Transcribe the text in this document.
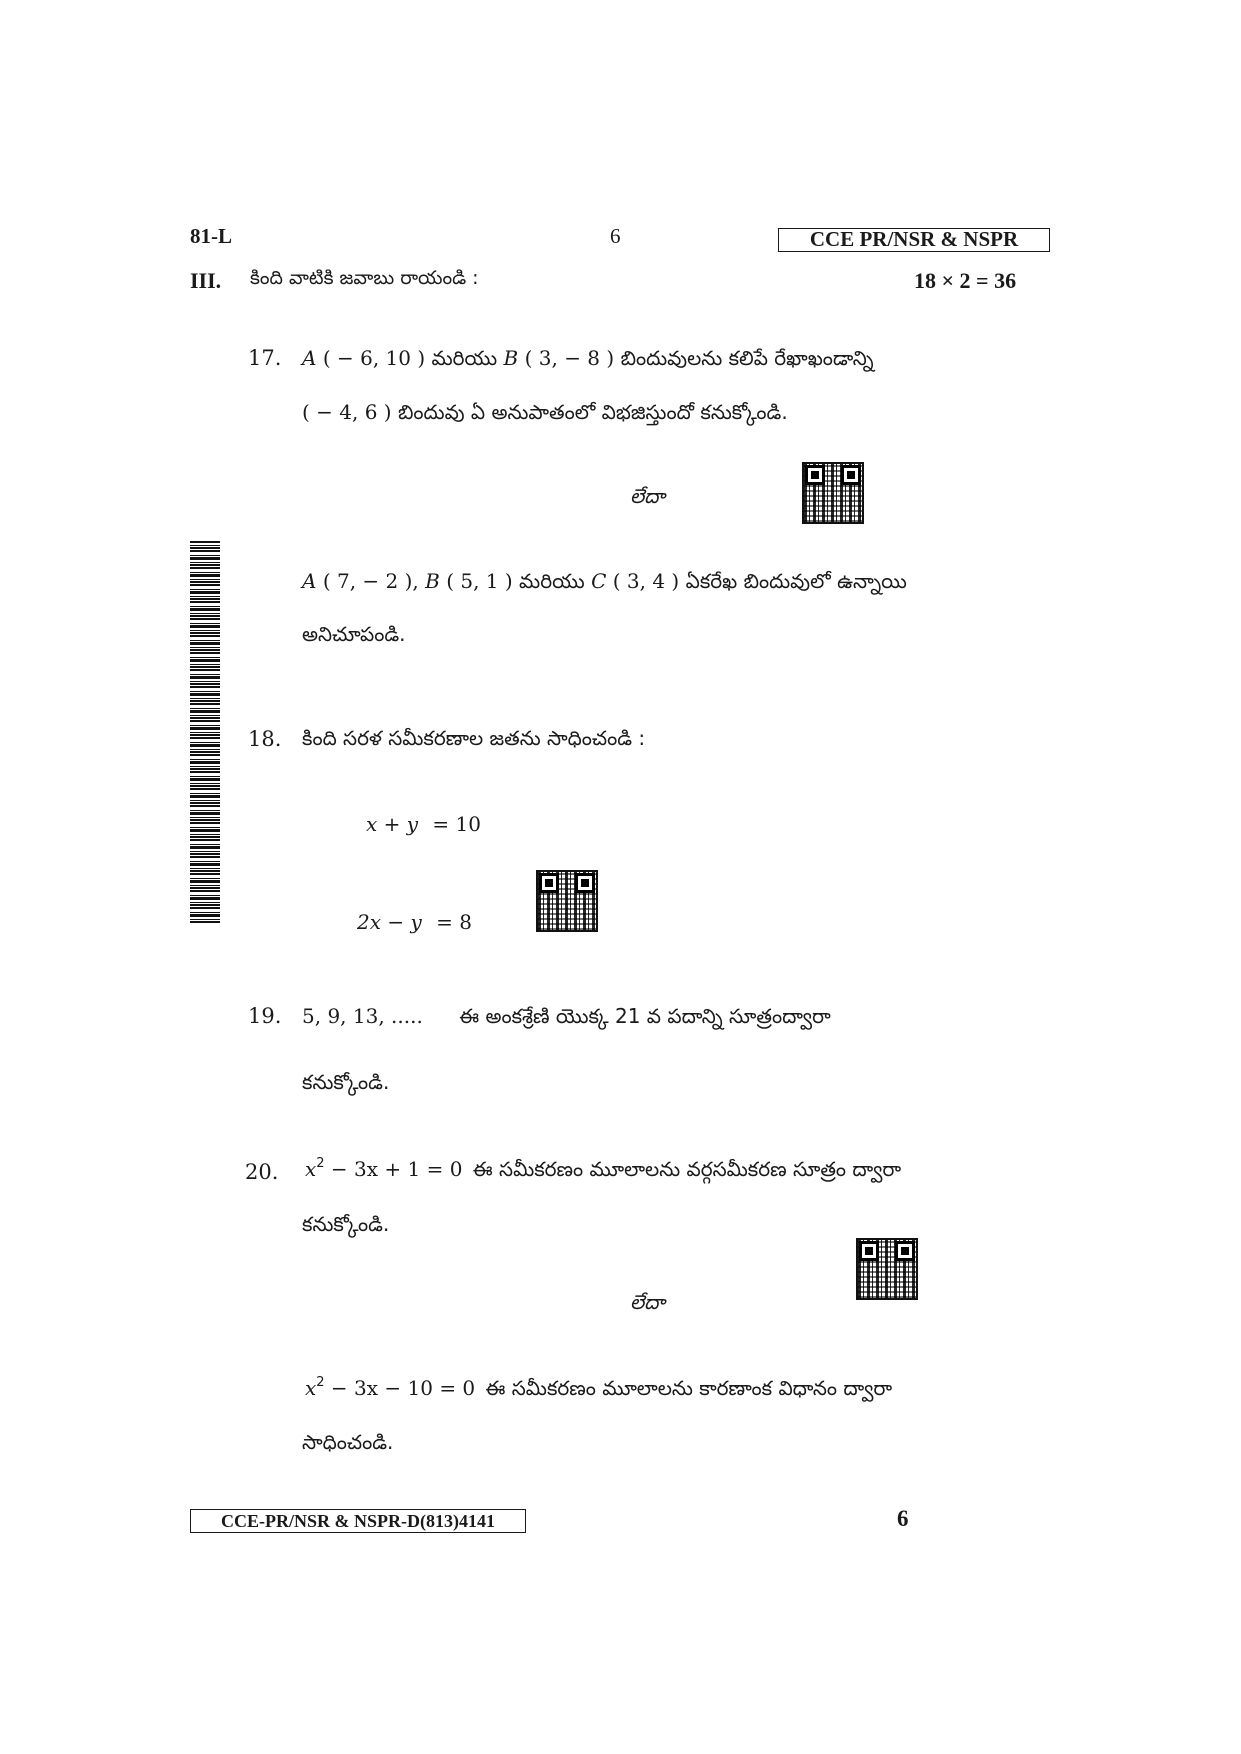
81-L	6	CCE PR/NSR & NSPR
III. కింది వాటికి జవాబు రాయండి :	18 × 2 = 36
17. A ( − 6, 10 ) మరియు B ( 3, − 8 ) బిందువులను కలిపే రేఖాఖండాన్ని
( − 4, 6 ) బిందువు ఏ అనుపాతంలో విభజిస్తుందో కనుక్కోండి.
లేదా
A ( 7, − 2 ), B ( 5, 1 ) మరియు C ( 3, 4 ) ఏకరేఖ బిందువులో ఉన్నాయి
అనిచూపండి.
18. కింది సరళ సమీకరణాల జతను సాధించండి :
x + y = 10
2x − y = 8
19. 5, 9, 13, ..... ఈ అంకశ్రేణి యొక్క 21 వ పదాన్ని సూత్రంద్వారా
కనుక్కోండి.
20. $x^2 - 3x + 1 = 0$ ఈ సమీకరణం మూలాలను వర్గసమీకరణ సూత్రం ద్వారా
కనుక్కోండి.
లేదా
$x^2 - 3x - 10 = 0$ ఈ సమీకరణం మూలాలను కారణాంక విధానం ద్వారా
సాధించండి.
CCE-PR/NSR & NSPR-D(813)4141	6
